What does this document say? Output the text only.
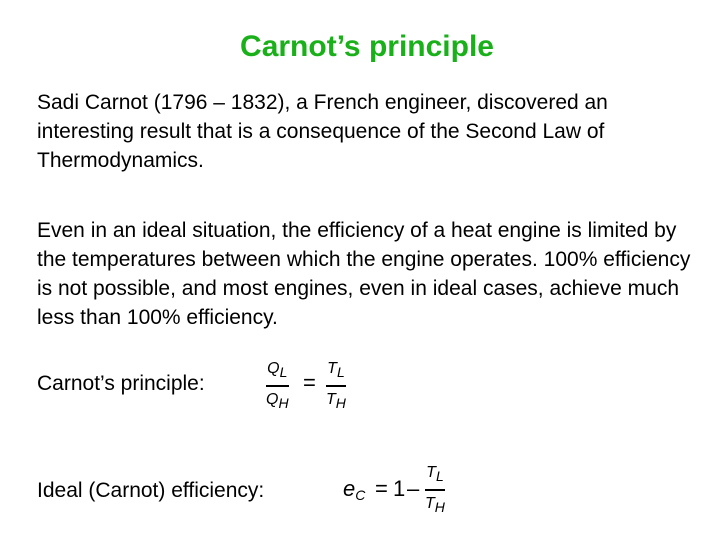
Carnot’s principle
Sadi Carnot (1796 – 1832), a French engineer, discovered an interesting result that is a consequence of the Second Law of Thermodynamics.
Even in an ideal situation, the efficiency of a heat engine is limited by the temperatures between which the engine operates. 100% efficiency is not possible, and most engines, even in ideal cases, achieve much less than 100% efficiency.
Carnot’s principle:
$Q_L$
$Q_H$
=
$T_L$
$T_H$
Ideal (Carnot) efficiency:	$e_C = 1$ –
$T_L$
$T_H$
